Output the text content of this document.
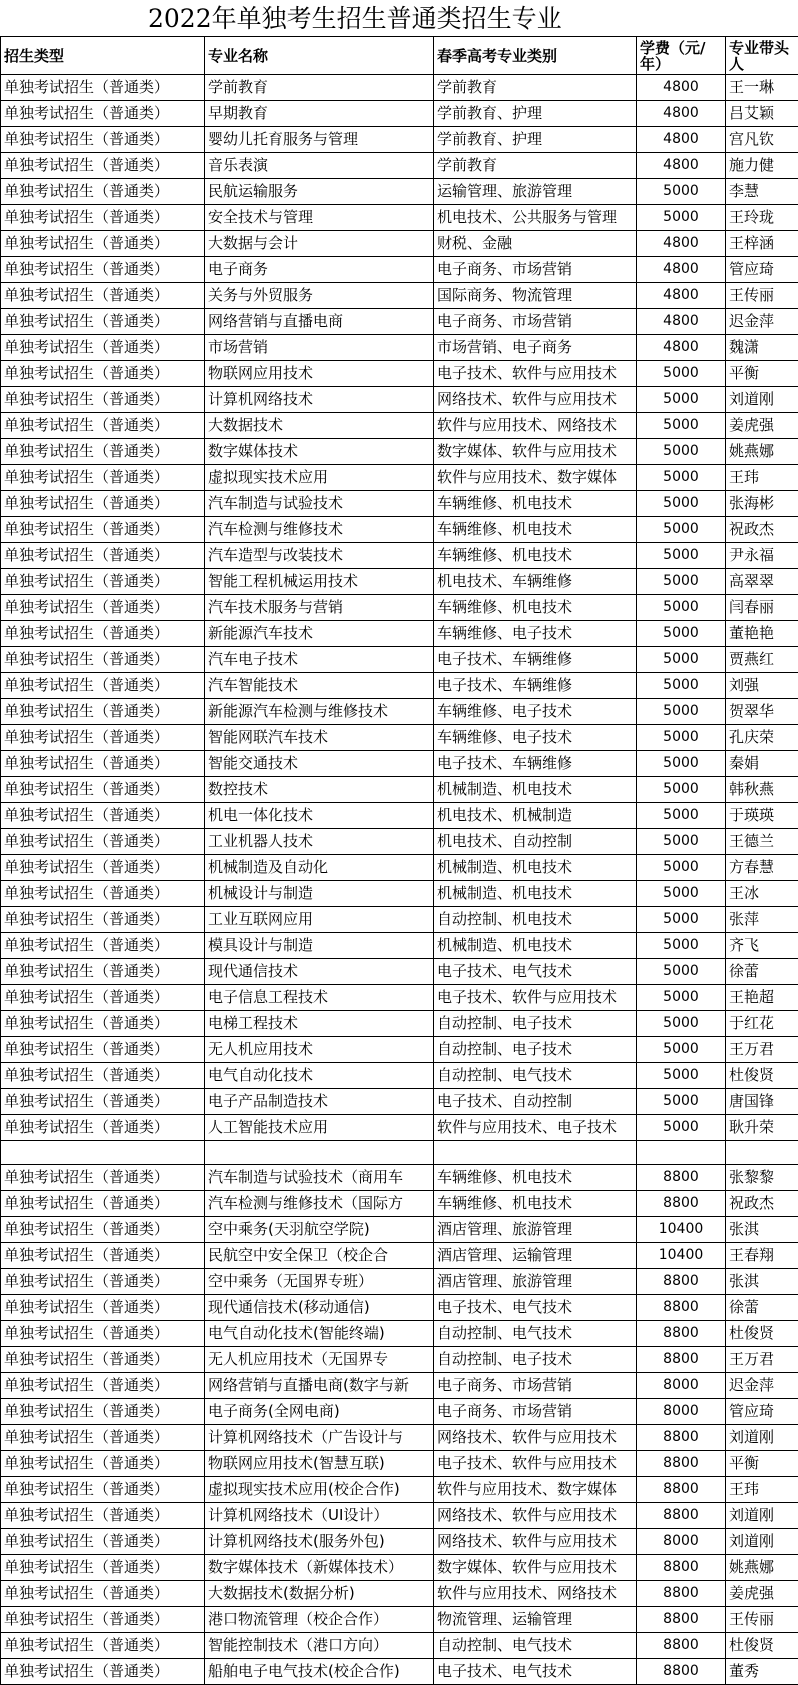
2022年单独考生招生普通类招生专业
招生类型	专业名称	春季高考专业类别	学费（元/年）	专业带头人
单独考试招生（普通类）	学前教育	学前教育	4800	王一琳
单独考试招生（普通类）	早期教育	学前教育、护理	4800	吕艾颖
单独考试招生（普通类）	婴幼儿托育服务与管理	学前教育、护理	4800	宫凡钦
单独考试招生（普通类）	音乐表演	学前教育	4800	施力健
单独考试招生（普通类）	民航运输服务	运输管理、旅游管理	5000	李慧
单独考试招生（普通类）	安全技术与管理	机电技术、公共服务与管理	5000	王玲珑
单独考试招生（普通类）	大数据与会计	财税、金融	4800	王梓涵
单独考试招生（普通类）	电子商务	电子商务、市场营销	4800	管应琦
单独考试招生（普通类）	关务与外贸服务	国际商务、物流管理	4800	王传丽
单独考试招生（普通类）	网络营销与直播电商	电子商务、市场营销	4800	迟金萍
单独考试招生（普通类）	市场营销	市场营销、电子商务	4800	魏潇
单独考试招生（普通类）	物联网应用技术	电子技术、软件与应用技术	5000	平衡
单独考试招生（普通类）	计算机网络技术	网络技术、软件与应用技术	5000	刘道刚
单独考试招生（普通类）	大数据技术	软件与应用技术、网络技术	5000	姜虎强
单独考试招生（普通类）	数字媒体技术	数字媒体、软件与应用技术	5000	姚燕娜
单独考试招生（普通类）	虚拟现实技术应用	软件与应用技术、数字媒体	5000	王玮
单独考试招生（普通类）	汽车制造与试验技术	车辆维修、机电技术	5000	张海彬
单独考试招生（普通类）	汽车检测与维修技术	车辆维修、机电技术	5000	祝政杰
单独考试招生（普通类）	汽车造型与改装技术	车辆维修、机电技术	5000	尹永福
单独考试招生（普通类）	智能工程机械运用技术	机电技术、车辆维修	5000	高翠翠
单独考试招生（普通类）	汽车技术服务与营销	车辆维修、机电技术	5000	闫春丽
单独考试招生（普通类）	新能源汽车技术	车辆维修、电子技术	5000	董艳艳
单独考试招生（普通类）	汽车电子技术	电子技术、车辆维修	5000	贾燕红
单独考试招生（普通类）	汽车智能技术	电子技术、车辆维修	5000	刘强
单独考试招生（普通类）	新能源汽车检测与维修技术	车辆维修、电子技术	5000	贺翠华
单独考试招生（普通类）	智能网联汽车技术	车辆维修、电子技术	5000	孔庆荣
单独考试招生（普通类）	智能交通技术	电子技术、车辆维修	5000	秦娟
单独考试招生（普通类）	数控技术	机械制造、机电技术	5000	韩秋燕
单独考试招生（普通类）	机电一体化技术	机电技术、机械制造	5000	于瑛瑛
单独考试招生（普通类）	工业机器人技术	机电技术、自动控制	5000	王德兰
单独考试招生（普通类）	机械制造及自动化	机械制造、机电技术	5000	方春慧
单独考试招生（普通类）	机械设计与制造	机械制造、机电技术	5000	王冰
单独考试招生（普通类）	工业互联网应用	自动控制、机电技术	5000	张萍
单独考试招生（普通类）	模具设计与制造	机械制造、机电技术	5000	齐飞
单独考试招生（普通类）	现代通信技术	电子技术、电气技术	5000	徐蕾
单独考试招生（普通类）	电子信息工程技术	电子技术、软件与应用技术	5000	王艳超
单独考试招生（普通类）	电梯工程技术	自动控制、电子技术	5000	于红花
单独考试招生（普通类）	无人机应用技术	自动控制、电子技术	5000	王万君
单独考试招生（普通类）	电气自动化技术	自动控制、电气技术	5000	杜俊贤
单独考试招生（普通类）	电子产品制造技术	电子技术、自动控制	5000	唐国锋
单独考试招生（普通类）	人工智能技术应用	软件与应用技术、电子技术	5000	耿升荣

单独考试招生（普通类）	汽车制造与试验技术（商用车	车辆维修、机电技术	8800	张黎黎
单独考试招生（普通类）	汽车检测与维修技术（国际方	车辆维修、机电技术	8800	祝政杰
单独考试招生（普通类）	空中乘务(天羽航空学院)	酒店管理、旅游管理	10400	张淇
单独考试招生（普通类）	民航空中安全保卫（校企合	酒店管理、运输管理	10400	王春翔
单独考试招生（普通类）	空中乘务（无国界专班）	酒店管理、旅游管理	8800	张淇
单独考试招生（普通类）	现代通信技术(移动通信)	电子技术、电气技术	8800	徐蕾
单独考试招生（普通类）	电气自动化技术(智能终端)	自动控制、电气技术	8800	杜俊贤
单独考试招生（普通类）	无人机应用技术（无国界专	自动控制、电子技术	8800	王万君
单独考试招生（普通类）	网络营销与直播电商(数字与新	电子商务、市场营销	8000	迟金萍
单独考试招生（普通类）	电子商务(全网电商)	电子商务、市场营销	8000	管应琦
单独考试招生（普通类）	计算机网络技术（广告设计与	网络技术、软件与应用技术	8800	刘道刚
单独考试招生（普通类）	物联网应用技术(智慧互联)	电子技术、软件与应用技术	8800	平衡
单独考试招生（普通类）	虚拟现实技术应用(校企合作)	软件与应用技术、数字媒体	8800	王玮
单独考试招生（普通类）	计算机网络技术（UI设计）	网络技术、软件与应用技术	8800	刘道刚
单独考试招生（普通类）	计算机网络技术(服务外包)	网络技术、软件与应用技术	8000	刘道刚
单独考试招生（普通类）	数字媒体技术（新媒体技术）	数字媒体、软件与应用技术	8800	姚燕娜
单独考试招生（普通类）	大数据技术(数据分析)	软件与应用技术、网络技术	8800	姜虎强
单独考试招生（普通类）	港口物流管理（校企合作）	物流管理、运输管理	8800	王传丽
单独考试招生（普通类）	智能控制技术（港口方向）	自动控制、电气技术	8800	杜俊贤
单独考试招生（普通类）	船舶电子电气技术(校企合作)	电子技术、电气技术	8800	董秀
